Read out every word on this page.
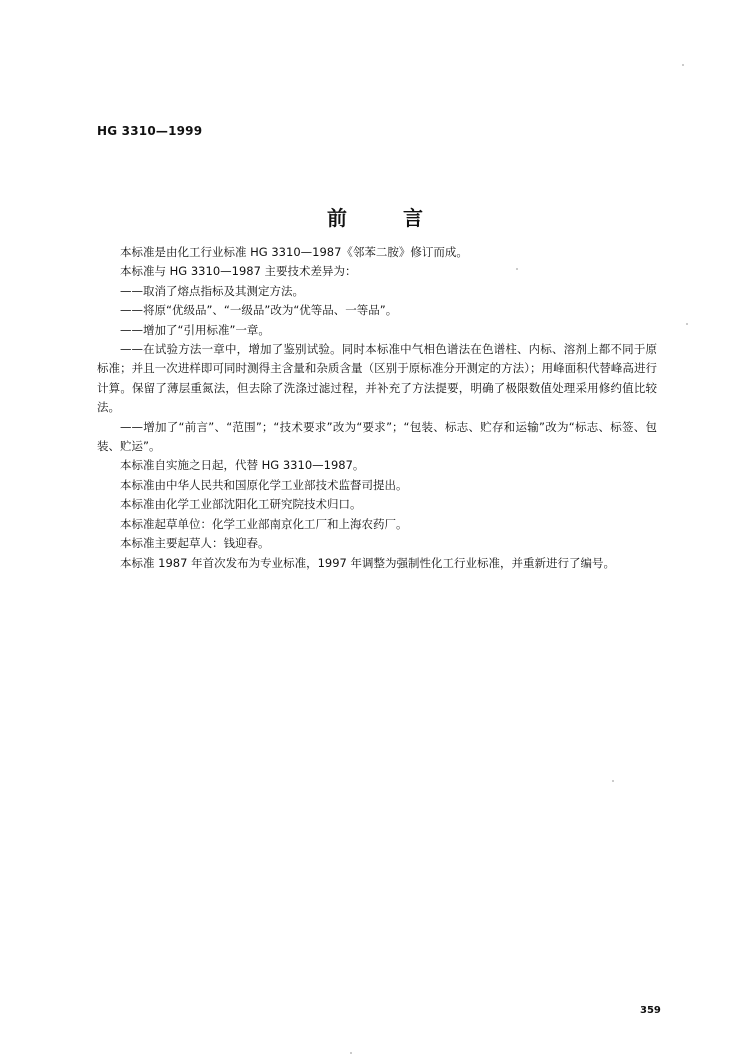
HG 3310—1999
前言

本标准是由化工行业标准 HG 3310—1987《邻苯二胺》修订而成。

本标准与 HG 3310—1987 主要技术差异为：

——取消了熔点指标及其测定方法。

——将原“优级品”、“一级品”改为“优等品、一等品”。

——增加了“引用标准”一章。

——在试验方法一章中，增加了鉴别试验。同时本标准中气相色谱法在色谱柱、内标、溶剂上都不同于原标准；并且一次进样即可同时测得主含量和杂质含量（区别于原标准分开测定的方法）；用峰面积代替峰高进行计算。保留了薄层重氮法，但去除了洗涤过滤过程，并补充了方法提要，明确了极限数值处理采用修约值比较法。

——增加了“前言”、“范围”；“技术要求”改为“要求”；“包装、标志、贮存和运输”改为“标志、标签、包装、贮运”。

本标准自实施之日起，代替 HG 3310—1987。

本标准由中华人民共和国原化学工业部技术监督司提出。

本标准由化学工业部沈阳化工研究院技术归口。

本标准起草单位：化学工业部南京化工厂和上海农药厂。

本标准主要起草人：钱迎春。

本标准 1987 年首次发布为专业标准，1997 年调整为强制性化工行业标准，并重新进行了编号。

359
